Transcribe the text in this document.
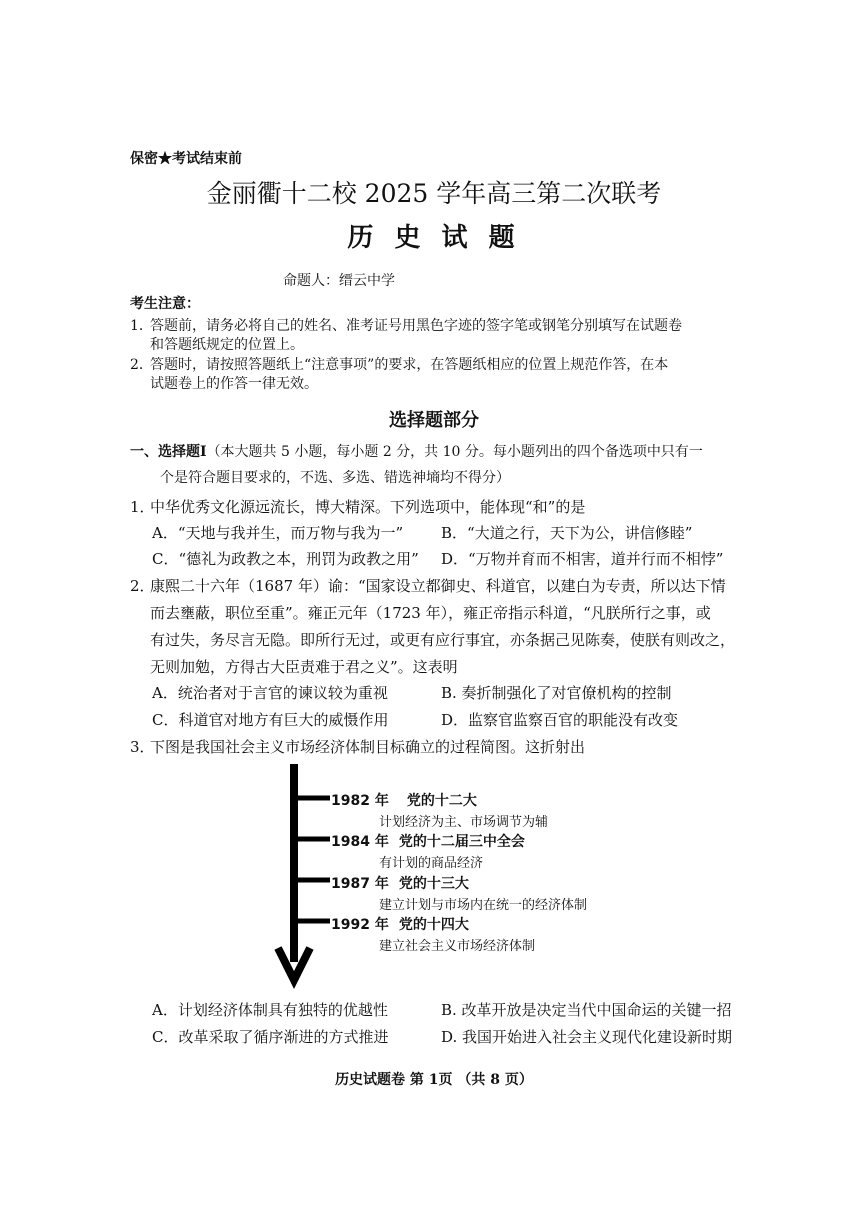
保密★考试结束前
金丽衢十二校 2025 学年高三第二次联考
历 史 试 题
命题人：缙云中学
考生注意：
1．
答题前，请务必将自己的姓名、准考证号用黑色字迹的签字笔或钢笔分别填写在试题卷
和答题纸规定的位置上。
2．
答题时，请按照答题纸上“注意事项”的要求，在答题纸相应的位置上规范作答，在本
试题卷上的作答一律无效。
选择题部分
一、选择题Ⅰ（本大题共 5 小题，每小题 2 分，共 10 分。每小题列出的四个备选项中只有一
个是符合题目要求的，不选、多选、错选神墒均不得分）
1．
中华优秀文化源远流长，博大精深。下列选项中，能体现“和”的是
A．“天地与我并生，而万物与我为一”	B．“大道之行，天下为公，讲信修睦”
C．“德礼为政教之本，刑罚为政教之用” D．“万物并育而不相害，道并行而不相悖”
2．
康熙二十六年（1687 年）谕：“国家设立都御史、科道官，以建白为专责，所以达下情
而去壅蔽，职位至重”。雍正元年（1723 年），雍正帝指示科道，“凡朕所行之事，或
有过失，务尽言无隐。即所行无过，或更有应行事宜，亦条据己见陈奏，使朕有则改之，
无则加勉，方得古大臣责难于君之义”。这表明
A．统治者对于言官的谏议较为重视	B. 奏折制强化了对官僚机构的控制
C．科道官对地方有巨大的威慑作用	D．监察官监察百官的职能没有改变
3．
下图是我国社会主义市场经济体制目标确立的过程简图。这折射出
1982 年 党的十二大
计划经济为主、市场调节为辅
1984 年 党的十二届三中全会
有计划的商品经济
1987 年 党的十三大
建立计划与市场内在统一的经济体制
1992 年 党的十四大
建立社会主义市场经济体制
A．计划经济体制具有独特的优越性	B. 改革开放是决定当代中国命运的关键一招
C．改革采取了循序渐进的方式推进	D. 我国开始进入社会主义现代化建设新时期
历史试题卷 第 1页 （共 8 页）
